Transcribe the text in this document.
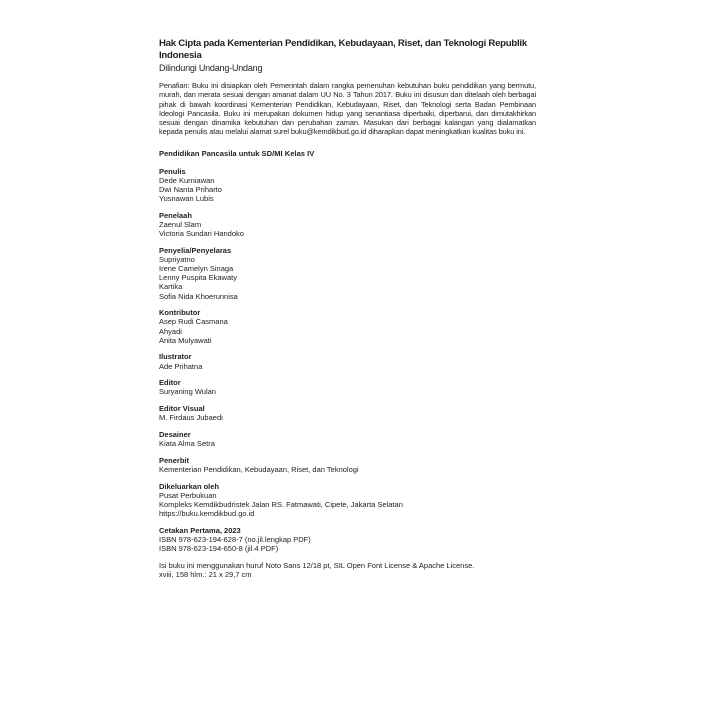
Hak Cipta pada Kementerian Pendidikan, Kebudayaan, Riset, dan Teknologi Republik Indonesia

Dilindungi Undang-Undang

Penafian: Buku ini disiapkan oleh Pemerintah dalam rangka pemenuhan kebutuhan buku pendidikan yang bermutu, murah, dan merata sesuai dengan amanat dalam UU No. 3 Tahun 2017. Buku ini disusun dan ditelaah oleh berbagai pihak di bawah koordinasi Kementerian Pendidikan, Kebudayaan, Riset, dan Teknologi serta Badan Pembinaan Ideologi Pancasila. Buku ini merupakan dokumen hidup yang senantiasa diperbaiki, diperbarui, dan dimutakhirkan sesuai dengan dinamika kebutuhan dan perubahan zaman. Masukan dari berbagai kalangan yang dialamatkan kepada penulis atau melalui alamat surel buku@kemdikbud.go.id diharapkan dapat meningkatkan kualitas buku ini.

Pendidikan Pancasila untuk SD/MI Kelas IV

Penulis
Dede Kurniawan
Dwi Nanta Priharto
Yusnawan Lubis
Penelaah
Zaenul Slam
Victoria Sundari Handoko
Penyelia/Penyelaras
Supriyatno
Irene Camelyn Sinaga
Lenny Puspita Ekawaty
Kartika
Sofia Nida Khoerunnisa
Kontributor
Asep Rudi Casmana
Ahyadi
Anita Mulyawati
Ilustrator
Ade Prihatna
Editor
Suryaning Wulan
Editor Visual
M. Firdaus Jubaedi
Desainer
Kiata Alma Setra
Penerbit
Kementerian Pendidikan, Kebudayaan, Riset, dan Teknologi
Dikeluarkan oleh
Pusat Perbukuan
Kompleks Kemdikbudristek Jalan RS. Fatmawati, Cipete, Jakarta Selatan
https://buku.kemdikbud.go.id
Cetakan Pertama, 2023
ISBN 978-623-194-628-7 (no.jil.lengkap PDF)
ISBN 978-623-194-650-8 (jil.4 PDF)
Isi buku ini menggunakan huruf Noto Sans 12/18 pt, SIL Open Font License & Apache License.
xviii, 158 hlm.: 21 x 29,7 cm
